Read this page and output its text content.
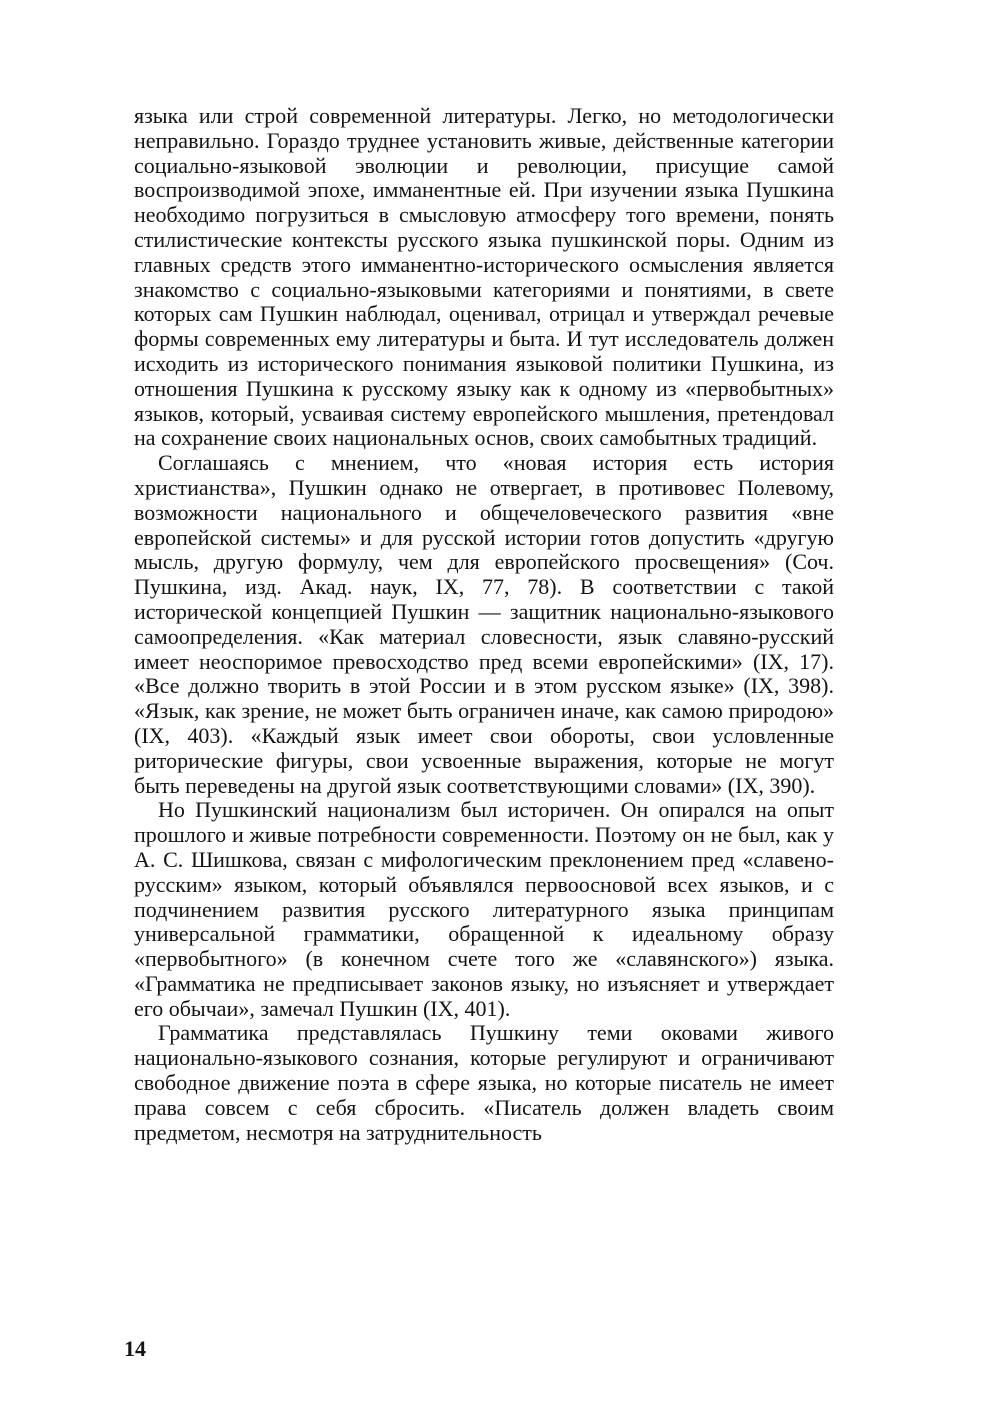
языка или строй современной литературы. Легко, но методологически неправильно. Гораздо труднее установить живые, действенные категории социально-языковой эволюции и революции, присущие самой воспроизводимой эпохе, имманентные ей. При изучении языка Пушкина необходимо погрузиться в смысловую атмосферу того времени, понять стилистические контексты русского языка пушкинской поры. Одним из главных средств этого имманентно-исторического осмысления является знакомство с социально-языковыми категориями и понятиями, в свете которых сам Пушкин наблюдал, оценивал, отрицал и утверждал речевые формы современных ему литературы и быта. И тут исследователь должен исходить из исторического понимания языковой политики Пушкина, из отношения Пушкина к русскому языку как к одному из «первобытных» языков, который, усваивая систему европейского мышления, претендовал на сохранение своих национальных основ, своих самобытных традиций.

Соглашаясь с мнением, что «новая история есть история христианства», Пушкин однако не отвергает, в противовес Полевому, возможности национального и общечеловеческого развития «вне европейской системы» и для русской истории готов допустить «другую мысль, другую формулу, чем для европейского просвещения» (Соч. Пушкина, изд. Акад. наук, IX, 77, 78). В соответствии с такой исторической концепцией Пушкин — защитник национально-языкового самоопределения. «Как материал словесности, язык славяно-русский имеет неоспоримое превосходство пред всеми европейскими» (IX, 17). «Все должно творить в этой России и в этом русском языке» (IX, 398). «Язык, как зрение, не может быть ограничен иначе, как самою природою» (IX, 403). «Каждый язык имеет свои обороты, свои условленные риторические фигуры, свои усвоенные выражения, которые не могут быть переведены на другой язык соответствующими словами» (IX, 390).

Но Пушкинский национализм был историчен. Он опирался на опыт прошлого и живые потребности современности. Поэтому он не был, как у А. С. Шишкова, связан с мифологическим преклонением пред «славено-русским» языком, который объявлялся первоосновой всех языков, и с подчинением развития русского литературного языка принципам универсальной грамматики, обращенной к идеальному образу «первобытного» (в конечном счете того же «славянского») языка. «Грамматика не предписывает законов языку, но изъясняет и утверждает его обычаи», замечал Пушкин (IX, 401).

Грамматика представлялась Пушкину теми оковами живого национально-языкового сознания, которые регулируют и ограничивают свободное движение поэта в сфере языка, но которые писатель не имеет права совсем с себя сбросить. «Писатель должен владеть своим предметом, несмотря на затруднительность

14
